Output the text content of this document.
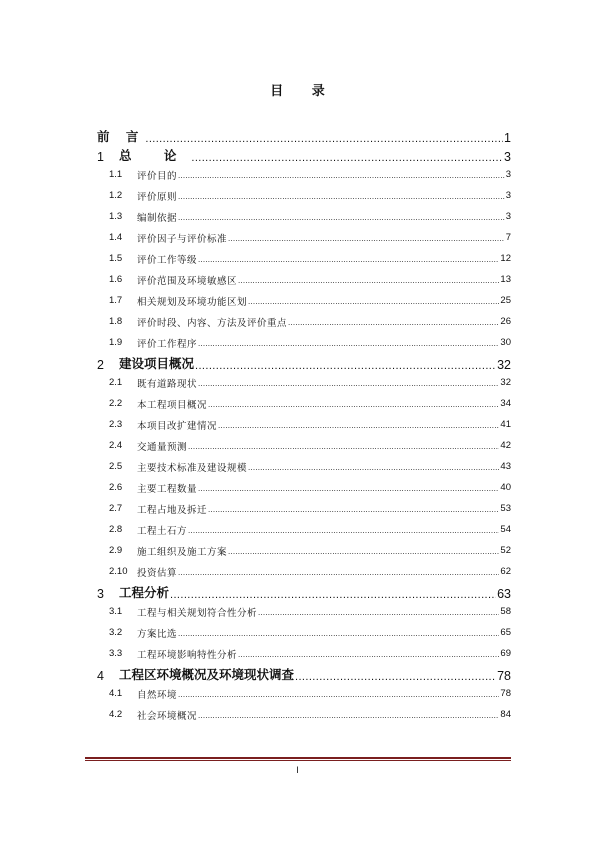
目 录
前 言 .....	1
1	总 论 .....	3
1.1	评价目的 .....	3
1.2	评价原则 .....	3
1.3	编制依据 .....	3
1.4	评价因子与评价标准 .....	7
1.5	评价工作等级 .....	12
1.6	评价范围及环境敏感区 .....	13
1.7	相关规划及环境功能区划 .....	25
1.8	评价时段、内容、方法及评价重点 .....	26
1.9	评价工作程序 .....	30
2	建设项目概况 .....	32
2.1	既有道路现状 .....	32
2.2	本工程项目概况 .....	34
2.3	本项目改扩建情况 .....	41
2.4	交通量预测 .....	42
2.5	主要技术标准及建设规模 .....	43
2.6	主要工程数量 .....	40
2.7	工程占地及拆迁 .....	53
2.8	工程土石方 .....	54
2.9	施工组织及施工方案 .....	52
2.10	投资估算 .....	62
3	工程分析 .....	63
3.1	工程与相关规划符合性分析 .....	58
3.2	方案比选 .....	65
3.3	工程环境影响特性分析 .....	69
4	工程区环境概况及环境现状调查 .....	78
4.1	自然环境 .....	78
4.2	社会环境概况 .....	84
I
